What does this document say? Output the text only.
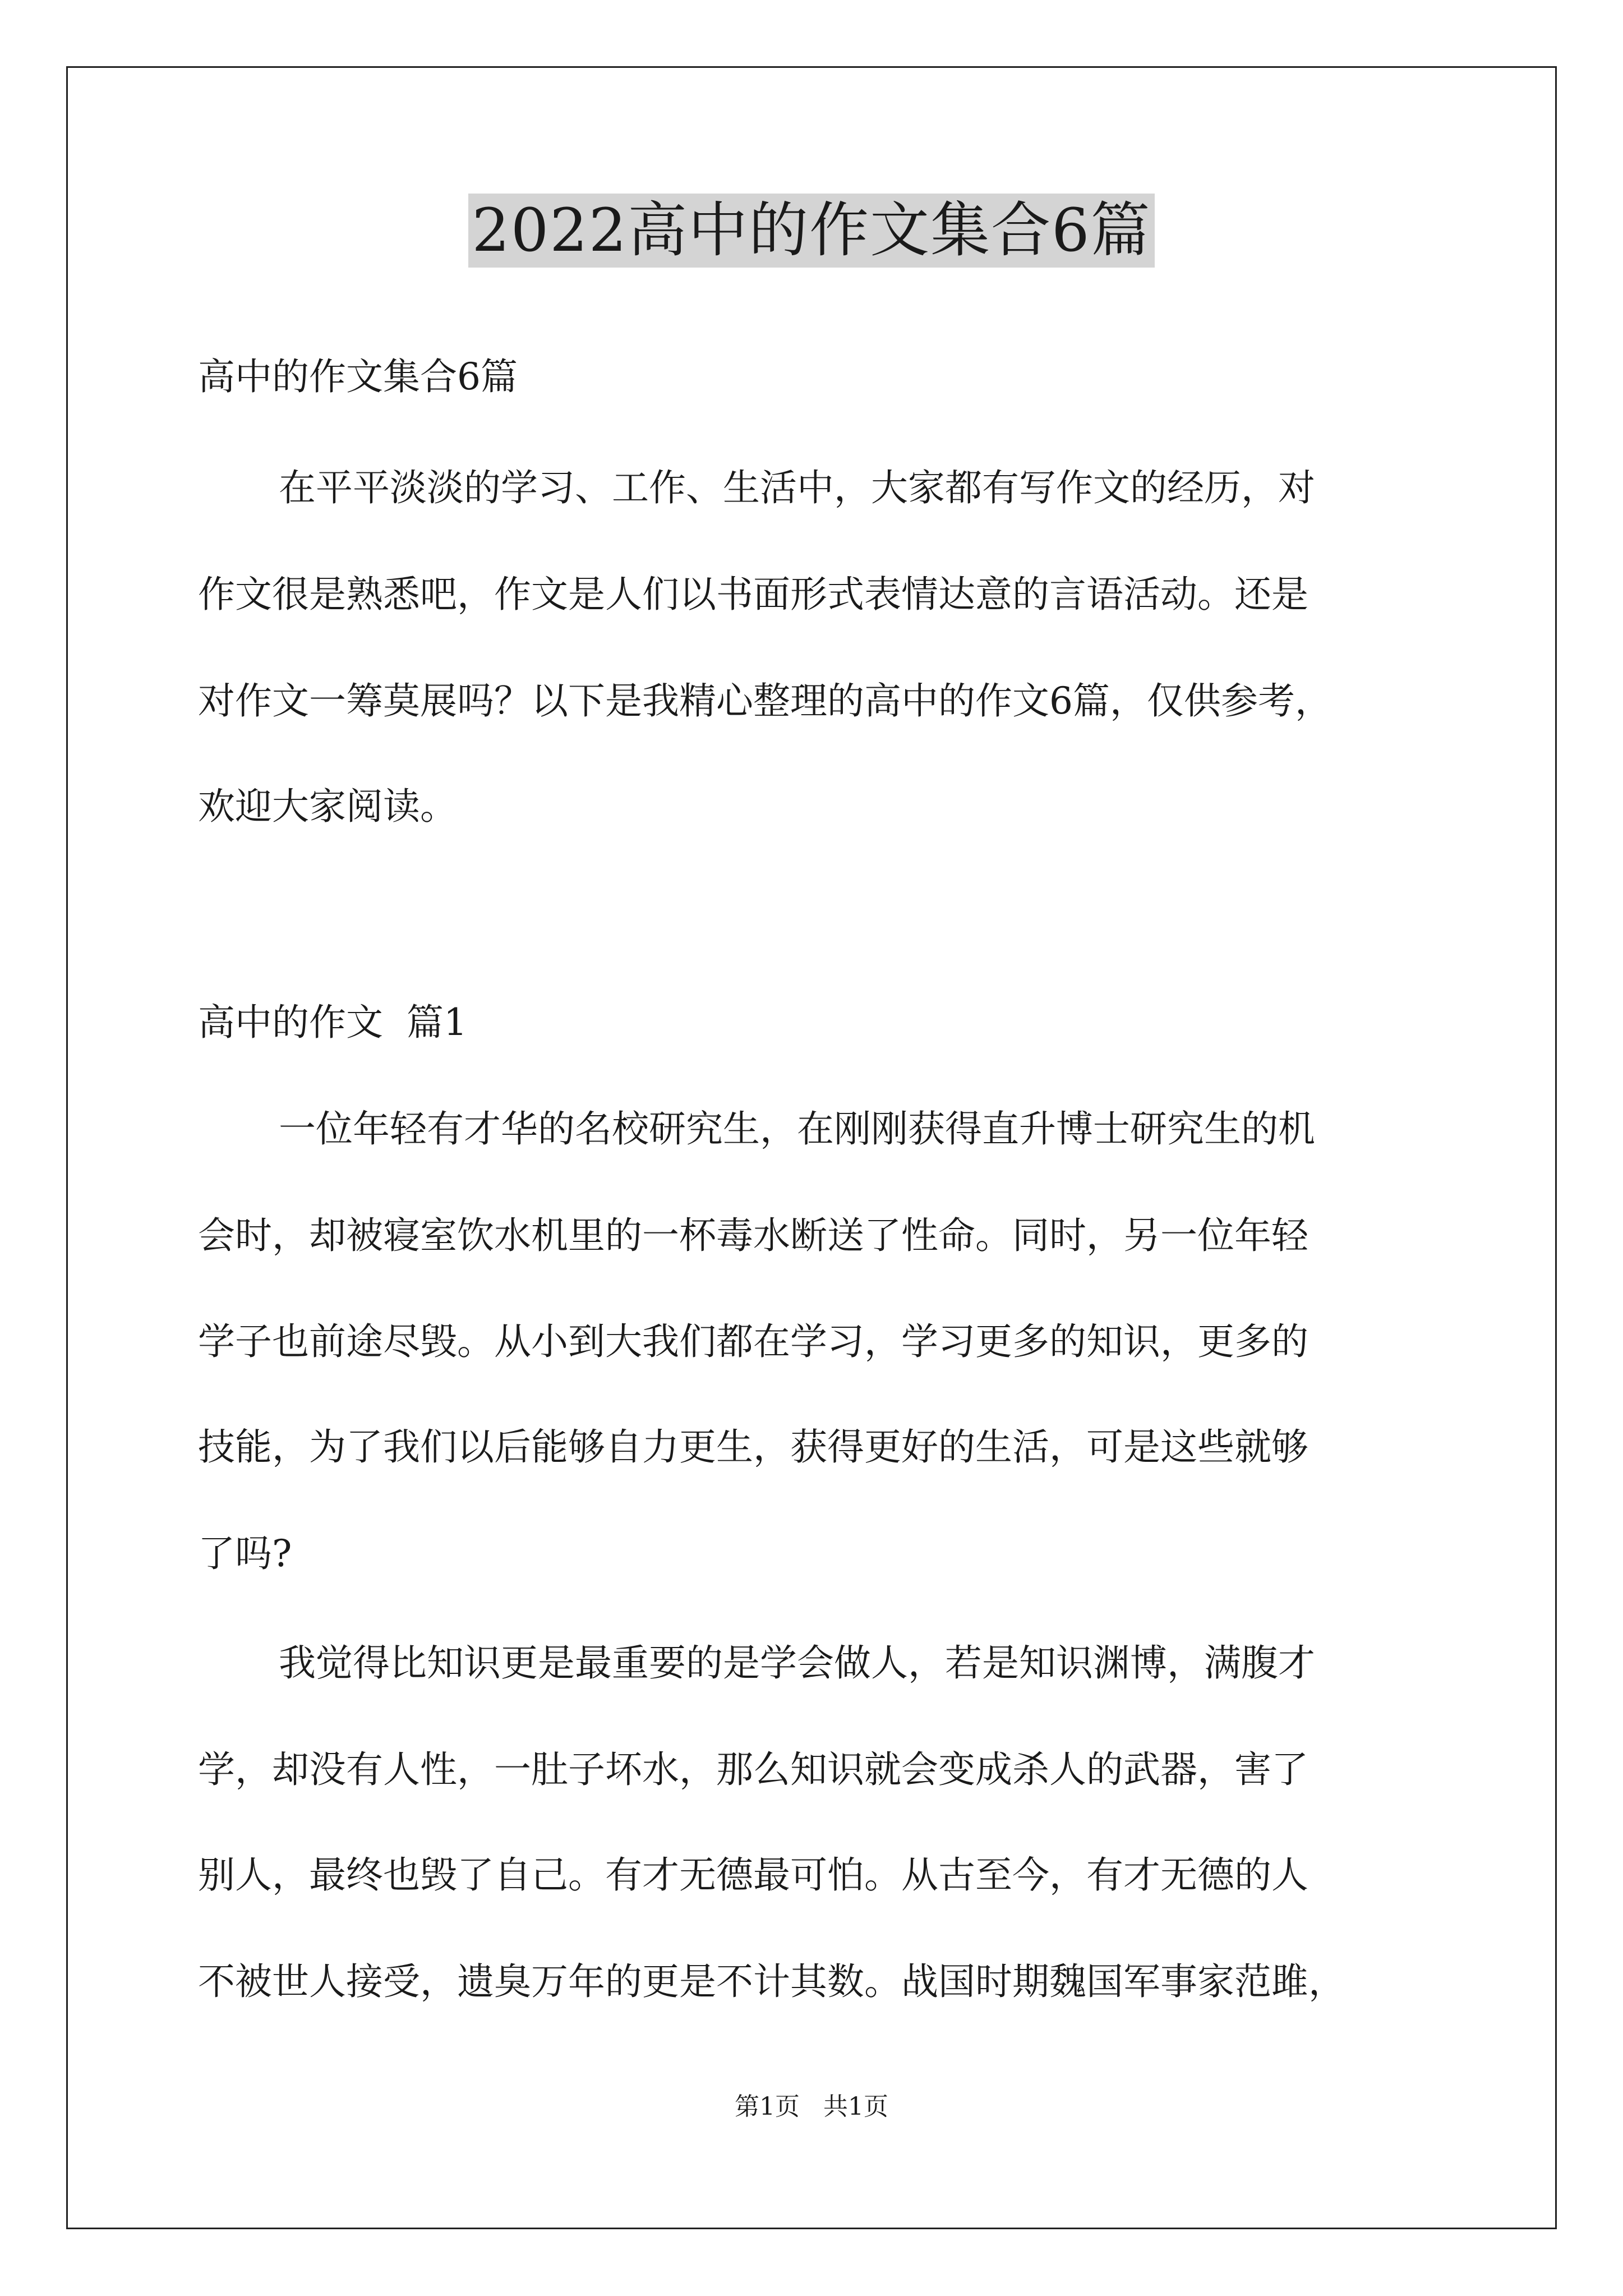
2022高中的作文集合6篇
高中的作文集合6篇
在平平淡淡的学习、工作、生活中，大家都有写作文的经历，对
作文很是熟悉吧，作文是人们以书面形式表情达意的言语活动。还是
对作文一筹莫展吗？以下是我精心整理的高中的作文6篇，仅供参考，
欢迎大家阅读。
高中的作文  篇1
一位年轻有才华的名校研究生，在刚刚获得直升博士研究生的机
会时，却被寝室饮水机里的一杯毒水断送了性命。同时，另一位年轻
学子也前途尽毁。从小到大我们都在学习，学习更多的知识，更多的
技能，为了我们以后能够自力更生，获得更好的生活，可是这些就够
了吗?
我觉得比知识更是最重要的是学会做人，若是知识渊博，满腹才
学，却没有人性，一肚子坏水，那么知识就会变成杀人的武器，害了
别人，最终也毁了自己。有才无德最可怕。从古至今，有才无德的人
不被世人接受，遗臭万年的更是不计其数。战国时期魏国军事家范雎，
第1页   共1页
